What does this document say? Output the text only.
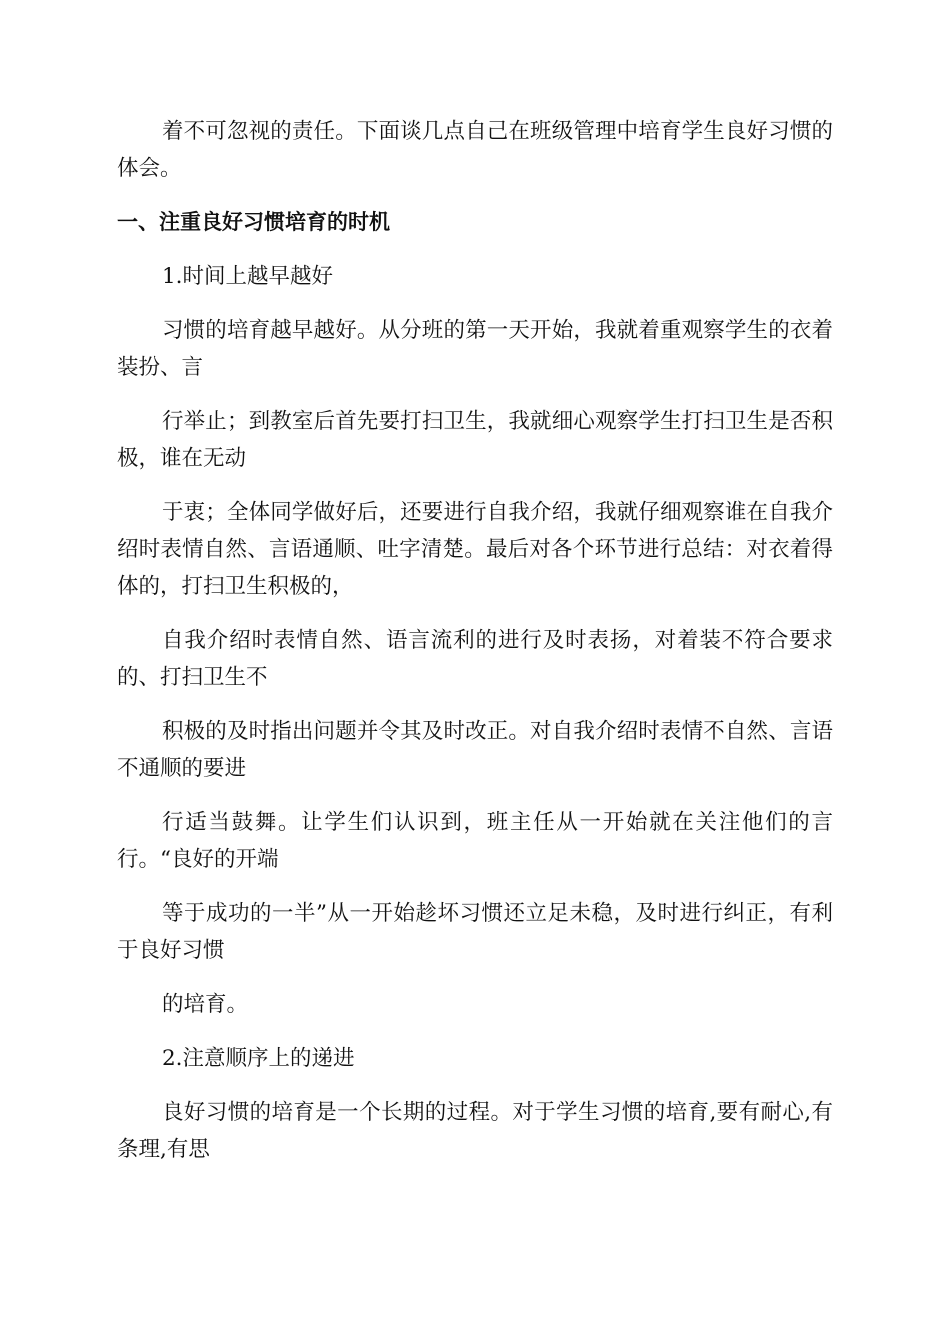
着不可忽视的责任。下面谈几点自己在班级管理中培育学生良好习惯的体会。

一、注重良好习惯培育的时机

1.时间上越早越好

习惯的培育越早越好。从分班的第一天开始，我就着重观察学生的衣着装扮、言

行举止；到教室后首先要打扫卫生，我就细心观察学生打扫卫生是否积极，谁在无动

于衷；全体同学做好后，还要进行自我介绍，我就仔细观察谁在自我介绍时表情自然、言语通顺、吐字清楚。最后对各个环节进行总结：对衣着得体的，打扫卫生积极的，

自我介绍时表情自然、语言流利的进行及时表扬，对着装不符合要求的、打扫卫生不

积极的及时指出问题并令其及时改正。对自我介绍时表情不自然、言语不通顺的要进

行适当鼓舞。让学生们认识到，班主任从一开始就在关注他们的言行。“良好的开端

等于成功的一半”从一开始趁坏习惯还立足未稳，及时进行纠正，有利于良好习惯

的培育。

2.注意顺序上的递进

良好习惯的培育是一个长期的过程。对于学生习惯的培育,要有耐心,有条理,有思
